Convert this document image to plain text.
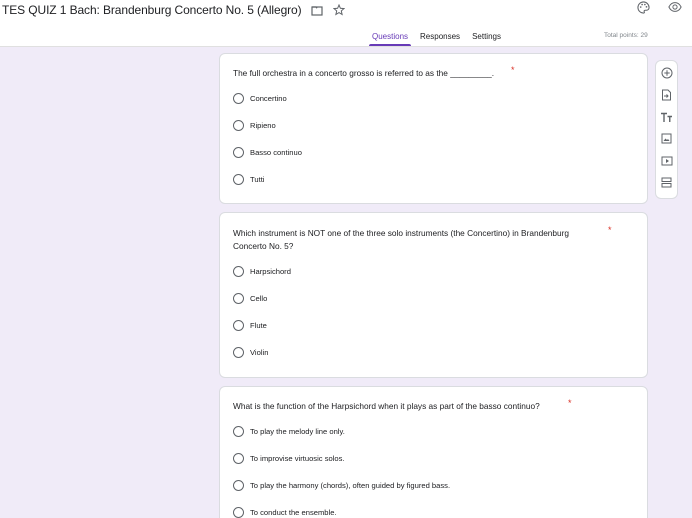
TES QUIZ 1 Bach: Brandenburg Concerto No. 5 (Allegro)
Questions	Responses	Settings	Total points: 29
The full orchestra in a concerto grosso is referred to as the _________. *
Concertino
Ripieno
Basso continuo
Tutti
Which instrument is NOT one of the three solo instruments (the Concertino) in Brandenburg
Concerto No. 5?
*
Harpsichord
Cello
Flute
Violin
What is the function of the Harpsichord when it plays as part of the basso continuo?	*
To play the melody line only.
To improvise virtuosic solos.
To play the harmony (chords), often guided by figured bass.
To conduct the ensemble.
